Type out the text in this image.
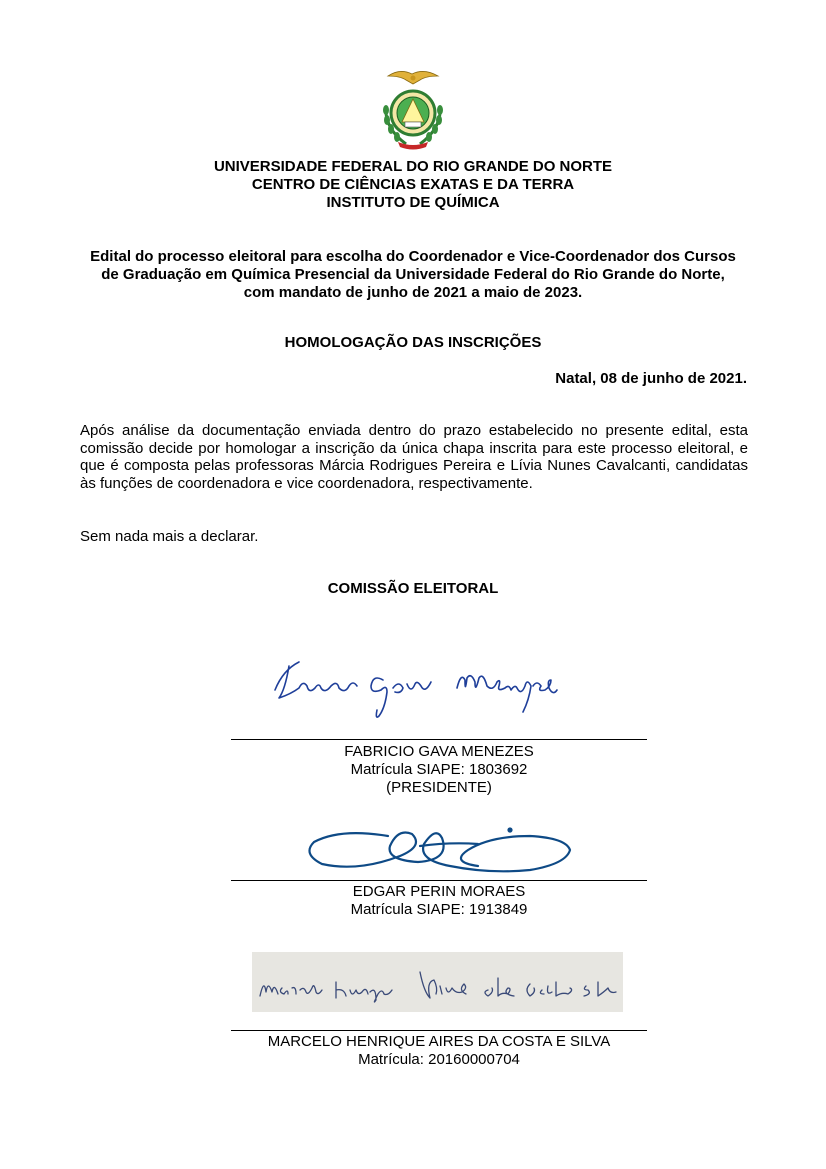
UNIVERSIDADE FEDERAL DO RIO GRANDE DO NORTE
CENTRO DE CIÊNCIAS EXATAS E DA TERRA
INSTITUTO DE QUÍMICA
Edital do processo eleitoral para escolha do Coordenador e Vice-Coordenador dos Cursos
de Graduação em Química Presencial da Universidade Federal do Rio Grande do Norte,
com mandato de junho de 2021 a maio de 2023.
HOMOLOGAÇÃO DAS INSCRIÇÕES
Natal, 08 de junho de 2021.
Após análise da documentação enviada dentro do prazo estabelecido no presente edital, esta comissão decide por homologar a inscrição da única chapa inscrita para este processo eleitoral, e que é composta pelas professoras Márcia Rodrigues Pereira e Lívia Nunes Cavalcanti, candidatas às funções de coordenadora e vice coordenadora, respectivamente.
Sem nada mais a declarar.
COMISSÃO ELEITORAL
FABRICIO GAVA MENEZES
Matrícula SIAPE: 1803692
(PRESIDENTE)
EDGAR PERIN MORAES
Matrícula SIAPE: 1913849
MARCELO HENRIQUE AIRES DA COSTA E SILVA
Matrícula: 20160000704
